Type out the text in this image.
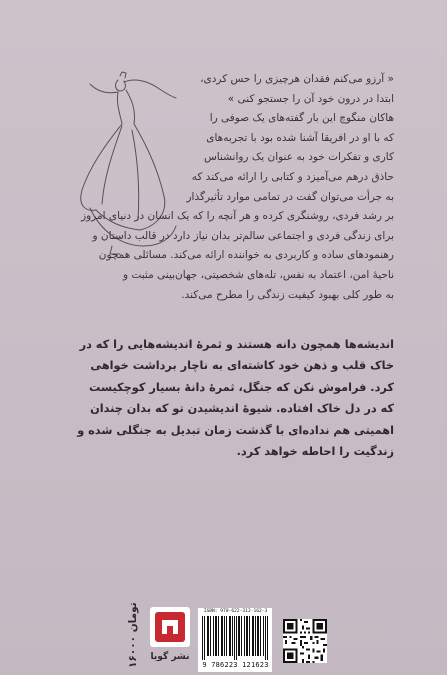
« آرزو می‌کنم فقدان هرچیزی را حس کردی،
ابتدا در درون خود آن را جستجو کنی »
هاکان منگوچ این بار گفته‌های یک صوفی را
که با او در افریقا آشنا شده بود با تجربه‌های
کاری و تفکرات خود به عنوان یک روانشناس
حاذق درهم می‌آمیزد و کتابی را ارائه می‌کند که
به جرأت می‌توان گفت در تمامی موارد تأثیرگذار
بر رشد فردی، روشنگری کرده و هر آنچه را که یک انسان در دنیای امروز
برای زندگی فردی و اجتماعی سالم‌تر بدان نیاز دارد در قالب داستان و
رهنمودهای ساده و کاربردی به خواننده ارائه می‌کند. مسائلی همچون
ناحیهٔ امن، اعتماد به نفس، تله‌های شخصیتی، جهان‌بینی مثبت و
به طور کلی بهبود کیفیت زندگی را مطرح می‌کند.
اندیشه‌ها همچون دانه هستند و ثمرهٔ اندیشه‌هایی را که در
خاک قلب و ذهن خود کاشته‌ای به ناچار برداشت خواهی
کرد. فراموش نکن که جنگل، ثمرهٔ دانهٔ بسیار کوچکیست
که در دل خاک افتاده. شیوهٔ اندیشیدن تو که بدان چندان
اهمیتی هم نداده‌ای با گذشت زمان تبدیل به جنگلی شده و
زندگیت را احاطه خواهد کرد.
۱۶۰۰۰ تومان
نشر گویا
ISBN: 978-622-312-162-3
9 786223 121623
